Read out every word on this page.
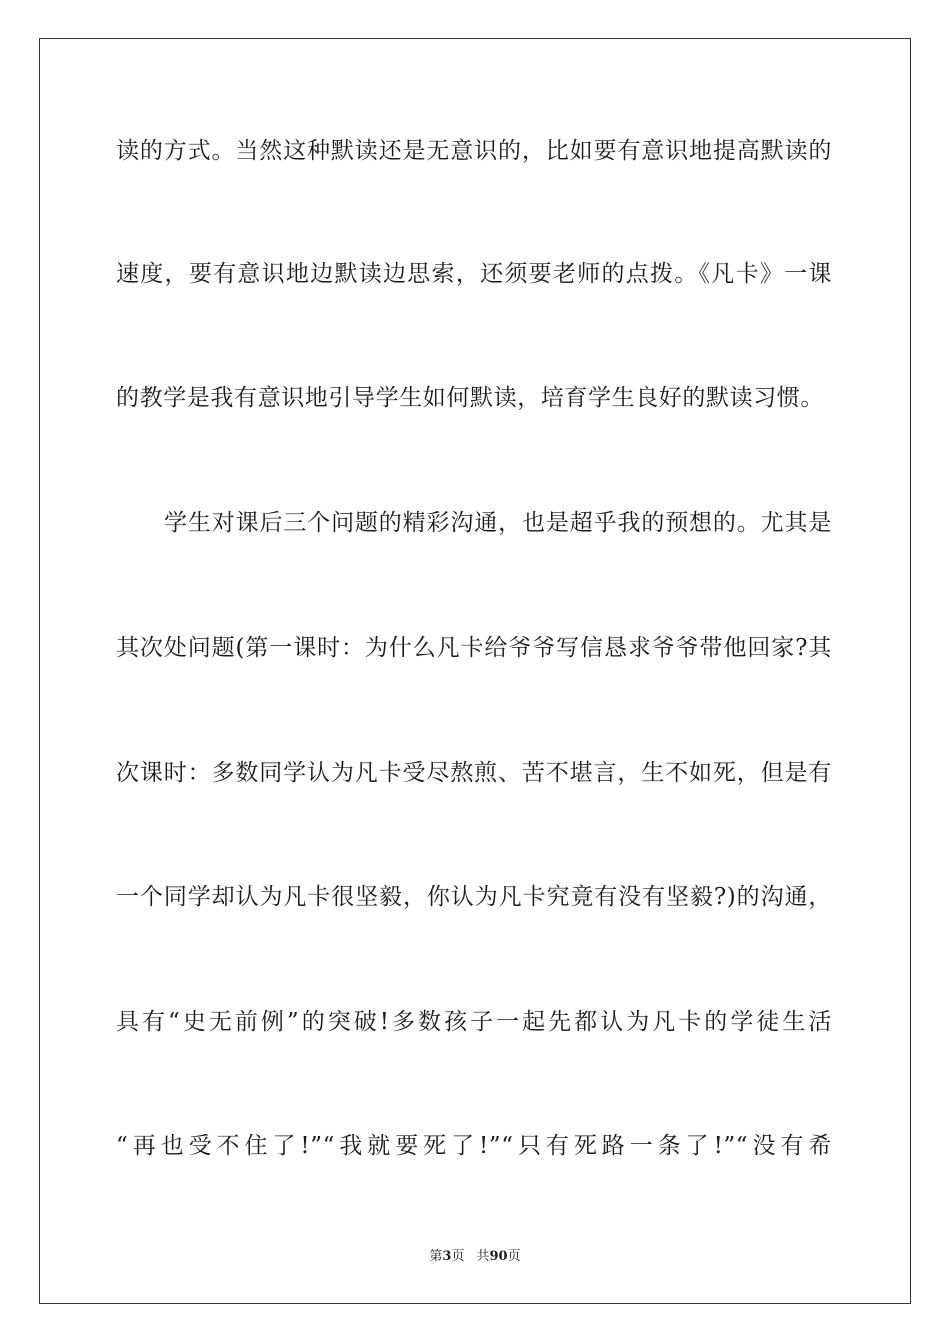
读的方式。当然这种默读还是无意识的，比如要有意识地提高默读的
速度，要有意识地边默读边思索，还须要老师的点拨。《凡卡》一课
的教学是我有意识地引导学生如何默读，培育学生良好的默读习惯。
学生对课后三个问题的精彩沟通，也是超乎我的预想的。尤其是
其次处问题(第一课时：为什么凡卡给爷爷写信恳求爷爷带他回家?其
次课时：多数同学认为凡卡受尽熬煎、苦不堪言，生不如死，但是有
一个同学却认为凡卡很坚毅，你认为凡卡究竟有没有坚毅?)的沟通，
具有“史无前例”的突破!多数孩子一起先都认为凡卡的学徒生活
“再也受不住了!”“我就要死了!”“只有死路一条了!”“没有希
第3页 共90页
